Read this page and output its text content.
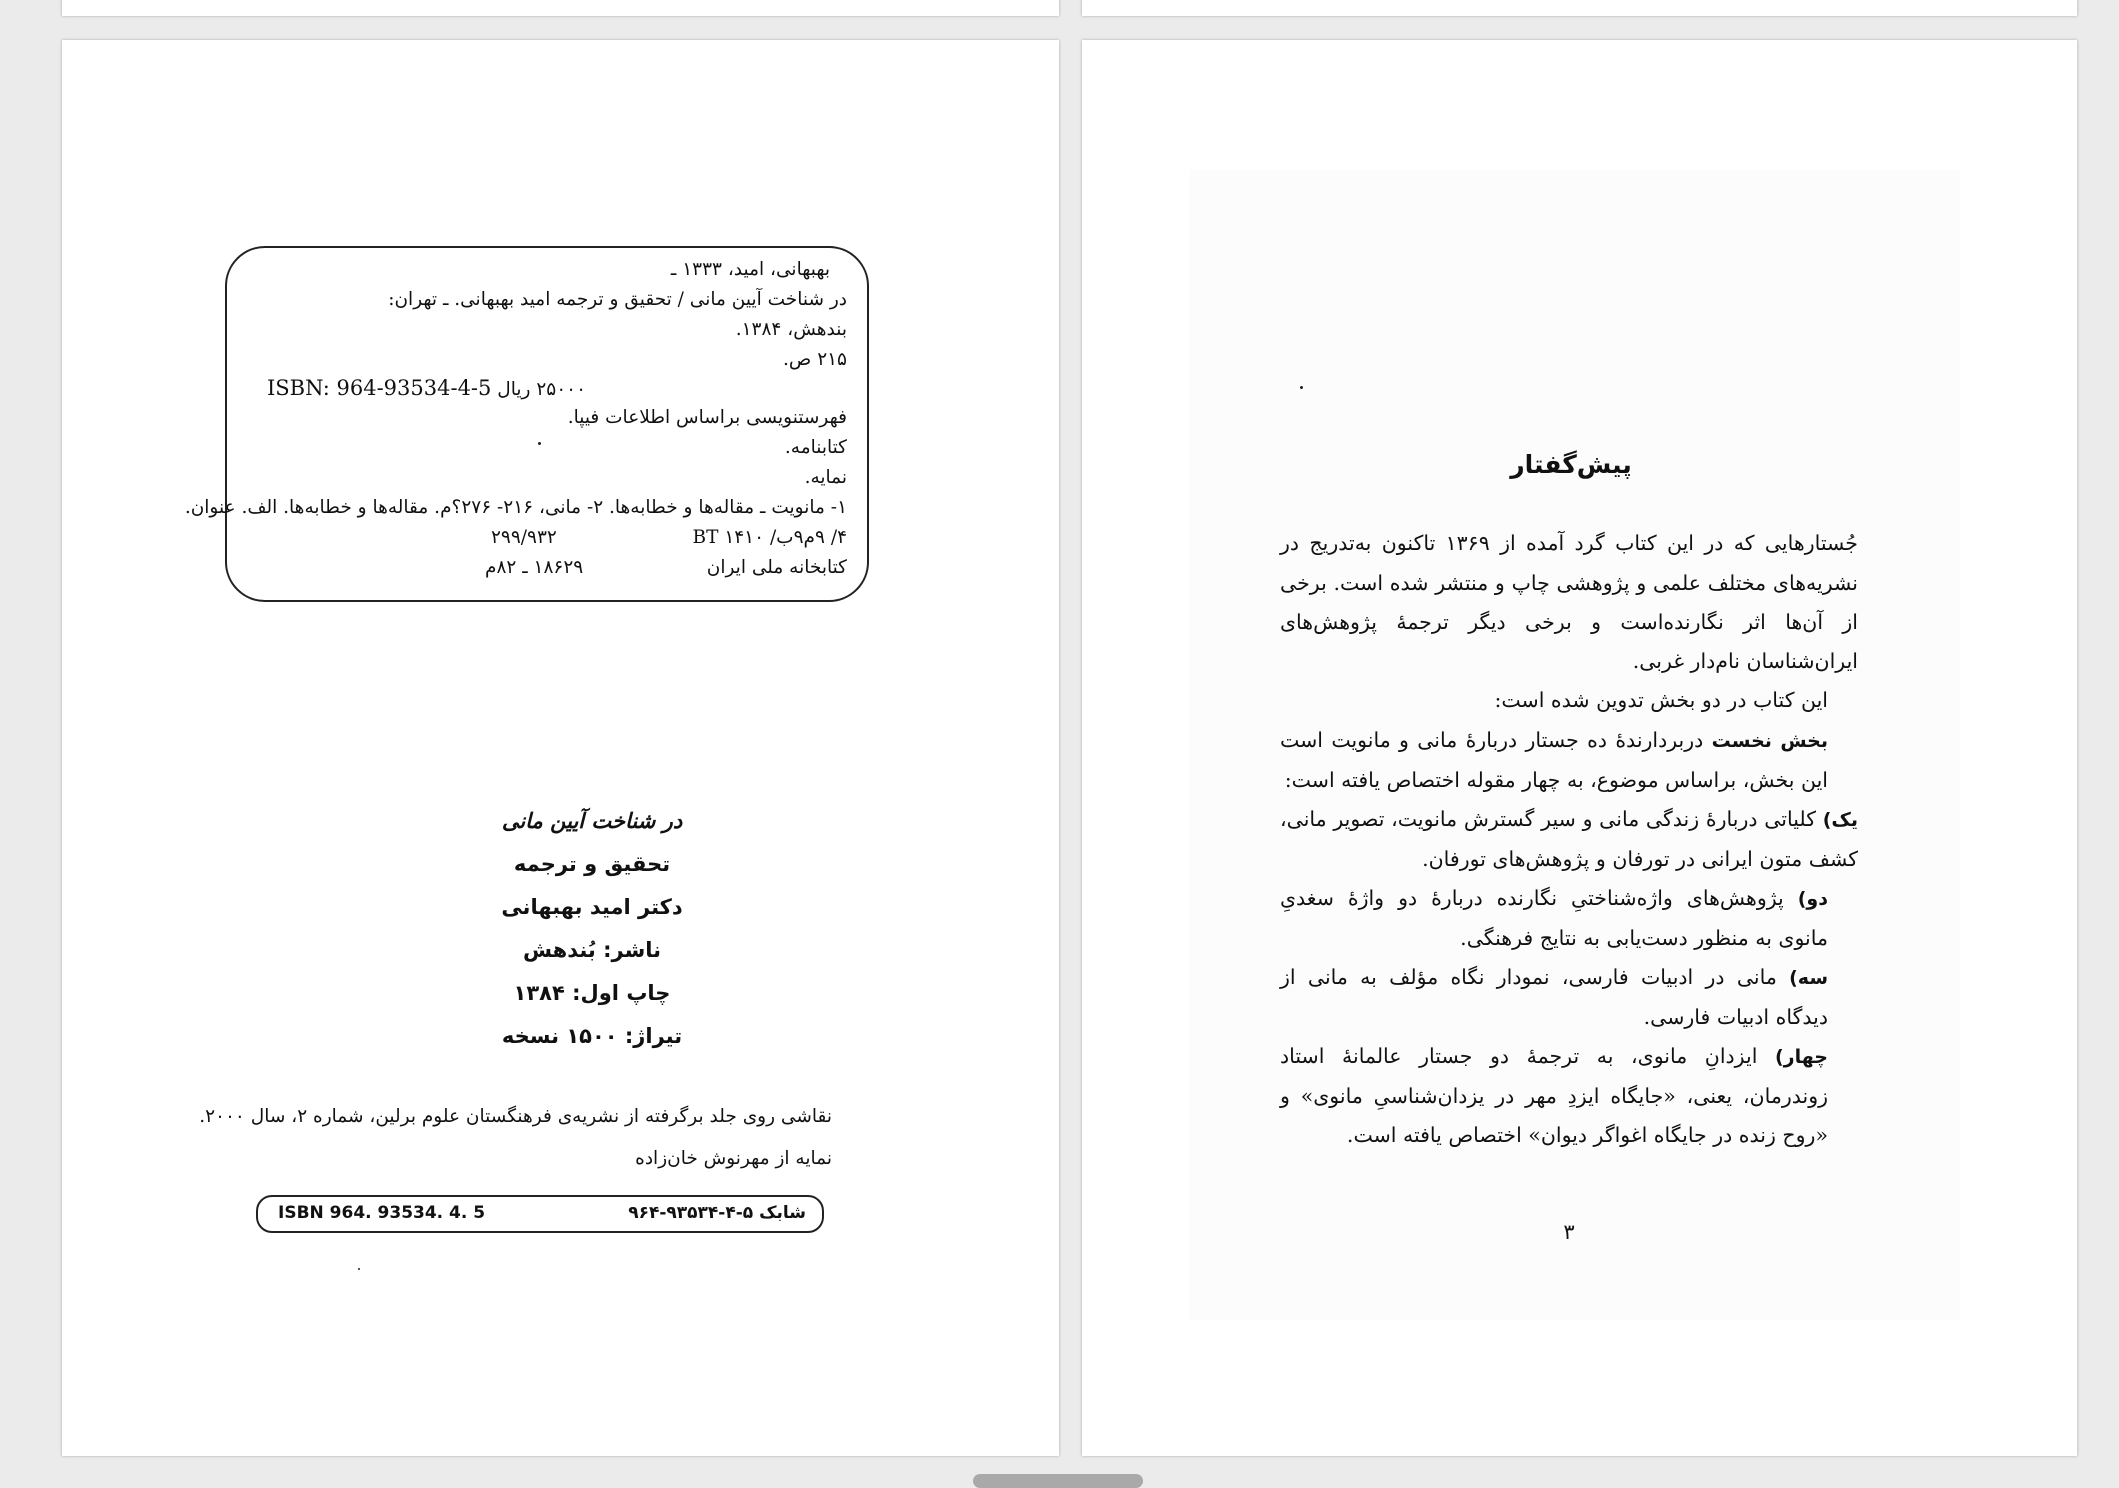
بهبهانی، امید، ۱۳۳۳ ـ
در شناخت آیین مانی / تحقیق و ترجمه امید بهبهانی. ـ تهران:
بندهش، ۱۳۸۴.
۲۱۵ ص.
ISBN: 964-93534-4-5 ۲۵۰۰۰ ریال
فهرستنویسی براساس اطلاعات فیپا.
کتابنامه.
نمایه.
۱- مانویت ـ مقاله‌ها و خطابه‌ها. ۲- مانی، ۲۱۶- ۲۷۶؟م. مقاله‌ها و خطابه‌ها. الف. عنوان.
۴/ ۹م۹ب/ ۱۴۱۰ BT
۲۹۹/۹۳۲
کتابخانه ملی ایران
۱۸۶۲۹ ـ ۸۲م
در شناخت آیین مانی
تحقیق و ترجمه
دکتر امید بهبهانی
ناشر: بُندهش
چاپ اول: ۱۳۸۴
تیراژ: ۱۵۰۰ نسخه
نقاشی روی جلد برگرفته از نشریه‌ی فرهنگستان علوم برلین، شماره ۲، سال ۲۰۰۰.
نمایه از مهرنوش خان‌زاده
ISBN 964. 93534. 4. 5	شابک ۵-۴-۹۳۵۳۴-۹۶۴
پیش‌گفتار

جُستارهایی که در این کتاب گرد آمده از ۱۳۶۹ تاکنون به‌تدریج در نشریه‌های مختلف علمی و پژوهشی چاپ و منتشر شده است. برخی از آن‌ها اثر نگارنده‌است و برخی دیگر ترجمهٔ پژوهش‌های ایران‌شناسان نام‌دار غربی.

این کتاب در دو بخش تدوین شده است:

بخش نخست دربردارندهٔ ده جستار دربارهٔ مانی و مانویت است این بخش، براساس موضوع، به چهار مقوله اختصاص یافته است:

یک) کلیاتی دربارهٔ زندگی مانی و سیر گسترش مانویت، تصویر مانی، کشف متون ایرانی در تورفان و پژوهش‌های تورفان.

دو) پژوهش‌های واژه‌شناختیِ نگارنده دربارهٔ دو واژهٔ سغدیِ مانوی به منظور دست‌یابی به نتایج فرهنگی.

سه) مانی در ادبیات فارسی، نمودار نگاه مؤلف به مانی از دیدگاه ادبیات فارسی.

چهار) ایزدانِ مانوی، به ترجمهٔ دو جستار عالمانهٔ استاد زوندرمان، یعنی، «جایگاه ایزدِ مهر در یزدان‌شناسیِ مانوی» و «روح زنده در جایگاه اغواگر دیوان» اختصاص یافته است.

۳
